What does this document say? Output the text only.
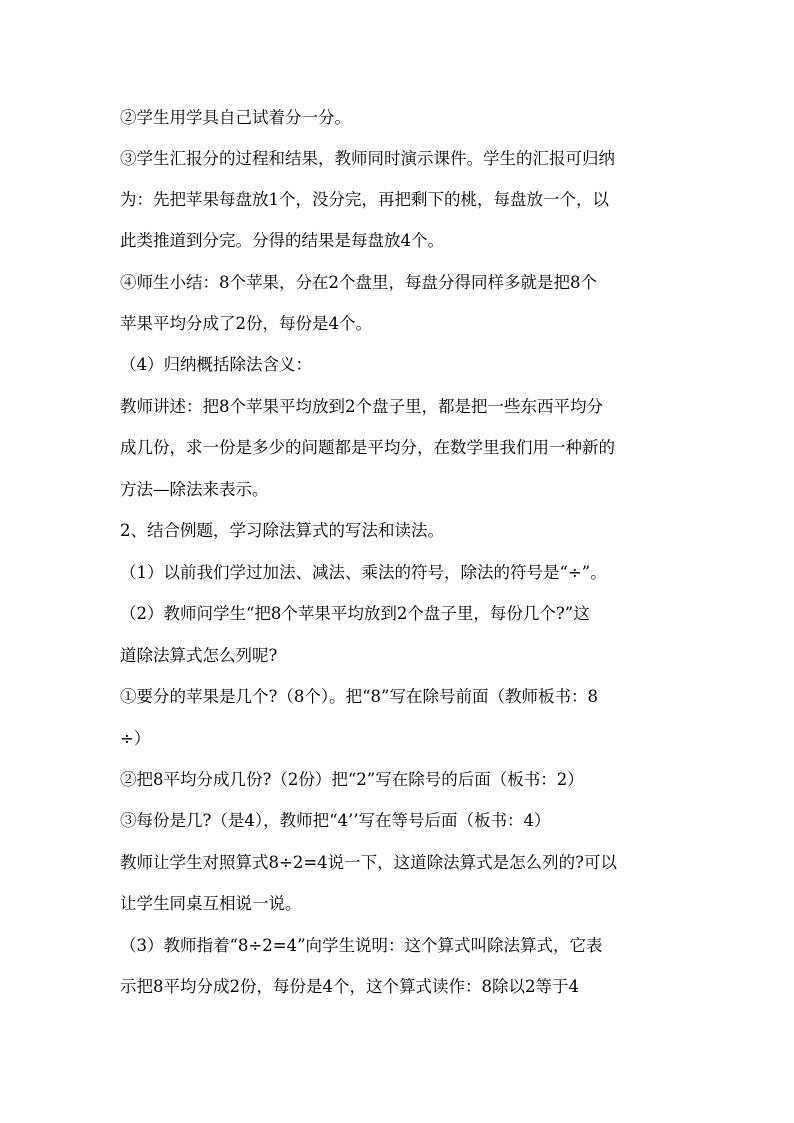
②学生用学具自己试着分一分。
③学生汇报分的过程和结果，教师同时演示课件。学生的汇报可归纳
为：先把苹果每盘放1个，没分完，再把剩下的桃，每盘放一个，以
此类推道到分完。分得的结果是每盘放4个。
④师生小结：8个苹果，分在2个盘里，每盘分得同样多就是把8个
苹果平均分成了2份，每份是4个。
（4）归纳概括除法含义：
教师讲述：把8个苹果平均放到2个盘子里，都是把一些东西平均分
成几份，求一份是多少的问题都是平均分，在数学里我们用一种新的
方法—除法来表示。
2、结合例题，学习除法算式的写法和读法。
（1）以前我们学过加法、减法、乘法的符号，除法的符号是“÷”。
（2）教师问学生“把8个苹果平均放到2个盘子里，每份几个?”这
道除法算式怎么列呢?
①要分的苹果是几个?（8个）。把“8”写在除号前面（教师板书：8
÷）
②把8平均分成几份?（2份）把“2”写在除号的后面（板书：2）
③每份是几?（是4），教师把“4’’写在等号后面（板书：4）
教师让学生对照算式8÷2=4说一下，这道除法算式是怎么列的?可以
让学生同桌互相说一说。
（3）教师指着“8÷2=4”向学生说明：这个算式叫除法算式，它表
示把8平均分成2份，每份是4个，这个算式读作：8除以2等于4
